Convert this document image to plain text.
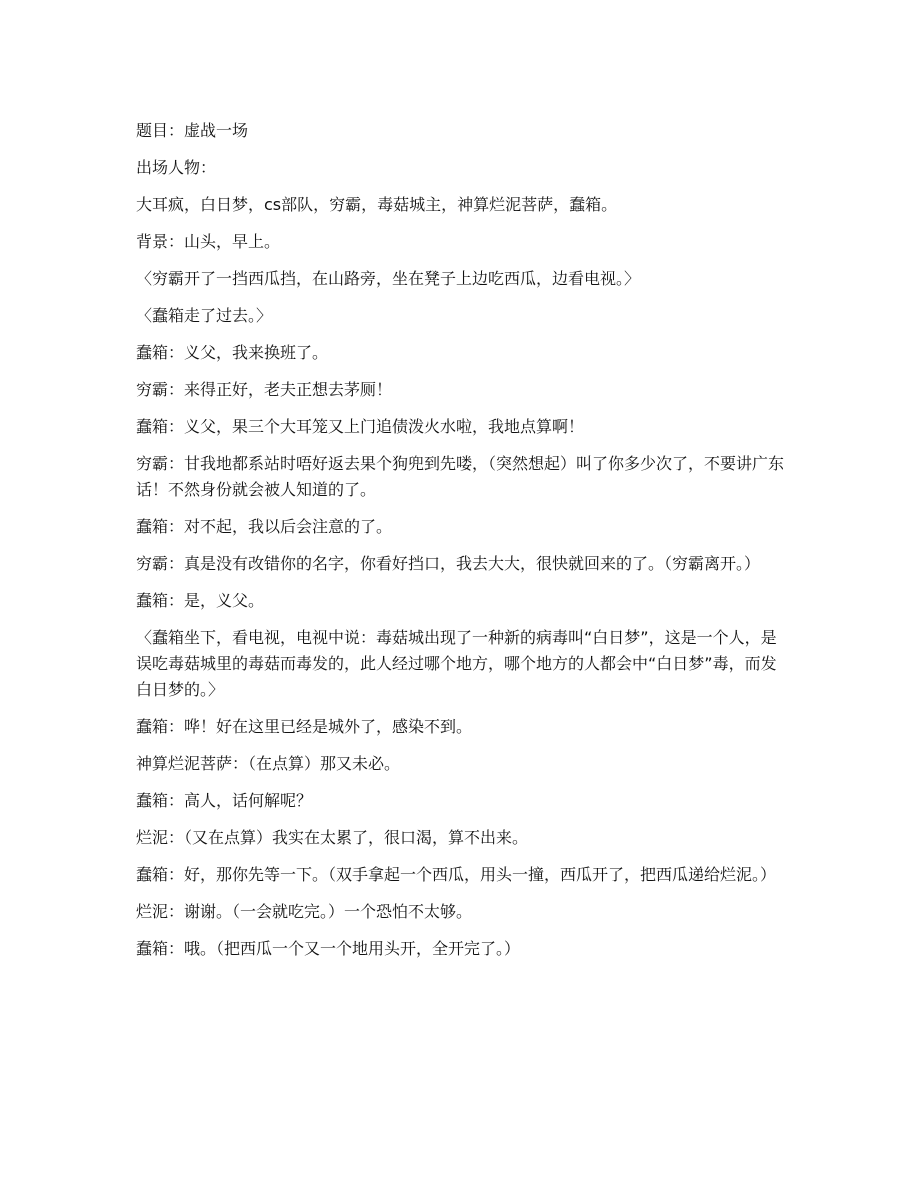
题目：虚战一场

出场人物：

大耳疯，白日梦，cs部队，穷霸，毒菇城主，神算烂泥菩萨，蠢箱。

背景：山头，早上。

〈穷霸开了一挡西瓜挡，在山路旁，坐在凳子上边吃西瓜，边看电视。〉

〈蠢箱走了过去。〉

蠢箱：义父，我来换班了。

穷霸：来得正好，老夫正想去茅厕！

蠢箱：义父，果三个大耳笼又上门追债泼火水啦，我地点算啊！

穷霸：甘我地都系站时唔好返去果个狗兜到先喽，（突然想起）叫了你多少次了，不要讲广东话！不然身份就会被人知道的了。

蠢箱：对不起，我以后会注意的了。

穷霸：真是没有改错你的名字，你看好挡口，我去大大，很快就回来的了。（穷霸离开。）

蠢箱：是，义父。

〈蠢箱坐下，看电视，电视中说：毒菇城出现了一种新的病毒叫“白日梦”，这是一个人，是误吃毒菇城里的毒菇而毒发的，此人经过哪个地方，哪个地方的人都会中“白日梦”毒，而发白日梦的。〉

蠢箱：哗！好在这里已经是城外了，感染不到。

神算烂泥菩萨：（在点算）那又未必。

蠢箱：高人，话何解呢？

烂泥：（又在点算）我实在太累了，很口渴，算不出来。

蠢箱：好，那你先等一下。（双手拿起一个西瓜，用头一撞，西瓜开了，把西瓜递给烂泥。）

烂泥：谢谢。（一会就吃完。）一个恐怕不太够。

蠢箱：哦。（把西瓜一个又一个地用头开，全开完了。）
